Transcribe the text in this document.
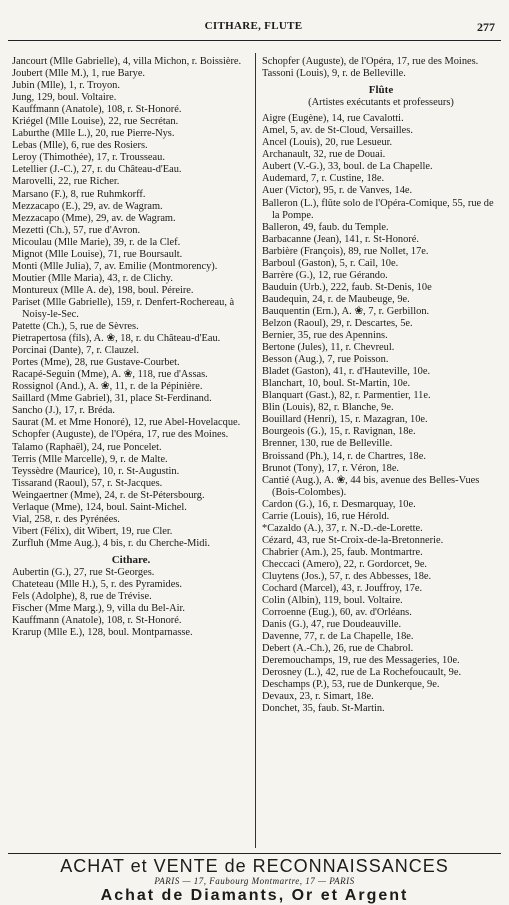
CITHARE, FLUTE	277
Jancourt (Mlle Gabrielle), 4, villa Michon, r. Boissière.
Joubert (Mlle M.), 1, rue Barye.
Jubin (Mlle), 1, r. Troyon.
Jung, 129, boul. Voltaire.
Kauffmann (Anatole), 108, r. St-Honoré.
Kriégel (Mlle Louise), 22, rue Secrétan.
Laburthe (Mlle L.), 20, rue Pierre-Nys.
Lebas (Mlle), 6, rue des Rosiers.
Leroy (Thimothée), 17, r. Trousseau.
Letellier (J.-C.), 27, r. du Château-d'Eau.
Marovelli, 22, rue Richer.
Marsano (F.), 8, rue Ruhmkorff.
Mezzacapo (E.), 29, av. de Wagram.
Mezzacapo (Mme), 29, av. de Wagram.
Mezetti (Ch.), 57, rue d'Avron.
Micoulau (Mlle Marie), 39, r. de la Clef.
Mignot (Mlle Louise), 71, rue Boursault.
Monti (Mlle Julia), 7, av. Emilie (Montmorency).
Moutier (Mlle Maria), 43, r. de Clichy.
Montureux (Mlle A. de), 198, boul. Péreire.
Pariset (Mlle Gabrielle), 159, r. Denfert-Rochereau, à Noisy-le-Sec.
Patette (Ch.), 5, rue de Sèvres.
Pietrapertosa (fils), A. ❀, 18, r. du Château-d'Eau.
Porcinai (Dante), 7, r. Clauzel.
Portes (Mme), 28, rue Gustave-Courbet.
Racapé-Seguin (Mme), A. ❀, 118, rue d'Assas.
Rossignol (And.), A. ❀, 11, r. de la Pépinière.
Saillard (Mme Gabriel), 31, place St-Ferdinand.
Sancho (J.), 17, r. Bréda.
Saurat (M. et Mme Honoré), 12, rue Abel-Hovelacque.
Schopfer (Auguste), de l'Opéra, 17, rue des Moines.
Talamo (Raphaël), 24, rue Poncelet.
Terris (Mlle Marcelle), 9, r. de Malte.
Teyssèdre (Maurice), 10, r. St-Augustin.
Tissarand (Raoul), 57, r. St-Jacques.
Weingaertner (Mme), 24, r. de St-Pétersbourg.
Verlaque (Mme), 124, boul. Saint-Michel.
Vial, 258, r. des Pyrénées.
Vibert (Félix), dit Wibert, 19, rue Cler.
Zurfluh (Mme Aug.), 4 bis, r. du Cherche-Midi.
Cithare.
Aubertin (G.), 27, rue St-Georges.
Chateteau (Mlle H.), 5, r. des Pyramides.
Fels (Adolphe), 8, rue de Trévise.
Fischer (Mme Marg.), 9, villa du Bel-Air.
Kauffmann (Anatole), 108, r. St-Honoré.
Krarup (Mlle E.), 128, boul. Montparnasse.
Schopfer (Auguste), de l'Opéra, 17, rue des Moines.
Tassoni (Louis), 9, r. de Belleville.
Flûte
(Artistes exécutants et professeurs)
Aigre (Eugène), 14, rue Cavalotti.
Amel, 5, av. de St-Cloud, Versailles.
Ancel (Louis), 20, rue Lesueur.
Archanault, 32, rue de Douai.
Aubert (V.-G.), 33, boul. de La Chapelle.
Audemard, 7, r. Custine, 18e.
Auer (Victor), 95, r. de Vanves, 14e.
Balleron (L.), flûte solo de l'Opéra-Comique, 55, rue de la Pompe.
Balleron, 49, faub. du Temple.
Barbacanne (Jean), 141, r. St-Honoré.
Barbière (François), 89, rue Nollet, 17e.
Barboul (Gaston), 5, r. Cail, 10e.
Barrère (G.), 12, rue Gérando.
Bauduin (Urb.), 222, faub. St-Denis, 10e
Baudequin, 24, r. de Maubeuge, 9e.
Bauquentin (Ern.), A. ❀, 7, r. Gerbillon.
Belzon (Raoul), 29, r. Descartes, 5e.
Bernier, 35, rue des Apennins.
Bertone (Jules), 11, r. Chevreul.
Besson (Aug.), 7, rue Poisson.
Bladet (Gaston), 41, r. d'Hauteville, 10e.
Blanchart, 10, boul. St-Martin, 10e.
Blanquart (Gast.), 82, r. Parmentier, 11e.
Blin (Louis), 82, r. Blanche, 9e.
Bouillard (Henri), 15, r. Mazagran, 10e.
Bourgeois (G.), 15, r. Ravignan, 18e.
Brenner, 130, rue de Belleville.
Broissand (Ph.), 14, r. de Chartres, 18e.
Brunot (Tony), 17, r. Véron, 18e.
Cantié (Aug.), A. ❀, 44 bis, avenue des Belles-Vues (Bois-Colombes).
Cardon (G.), 16, r. Desmarquay, 10e.
Carrie (Louis), 16, rue Hérold.
*Cazaldo (A.), 37, r. N.-D.-de-Lorette.
Cézard, 43, rue St-Croix-de-la-Bretonnerie.
Chabrier (Am.), 25, faub. Montmartre.
Checcaci (Amero), 22, r. Gordorcet, 9e.
Cluytens (Jos.), 57, r. des Abbesses, 18e.
Cochard (Marcel), 43, r. Jouffroy, 17e.
Colin (Albin), 119, boul. Voltaire.
Corroenne (Eug.), 60, av. d'Orléans.
Danis (G.), 47, rue Doudeauville.
Davenne, 77, r. de La Chapelle, 18e.
Debert (A.-Ch.), 26, rue de Chabrol.
Deremouchamps, 19, rue des Messageries, 10e.
Derosney (L.), 42, rue de La Rochefoucault, 9e.
Deschamps (P.), 53, rue de Dunkerque, 9e.
Devaux, 23, r. Simart, 18e.
Donchet, 35, faub. St-Martin.
ACHAT et VENTE de RECONNAISSANCES
PARIS — 17, Faubourg Montmartre, 17 — PARIS
Achat de Diamants, Or et Argent
